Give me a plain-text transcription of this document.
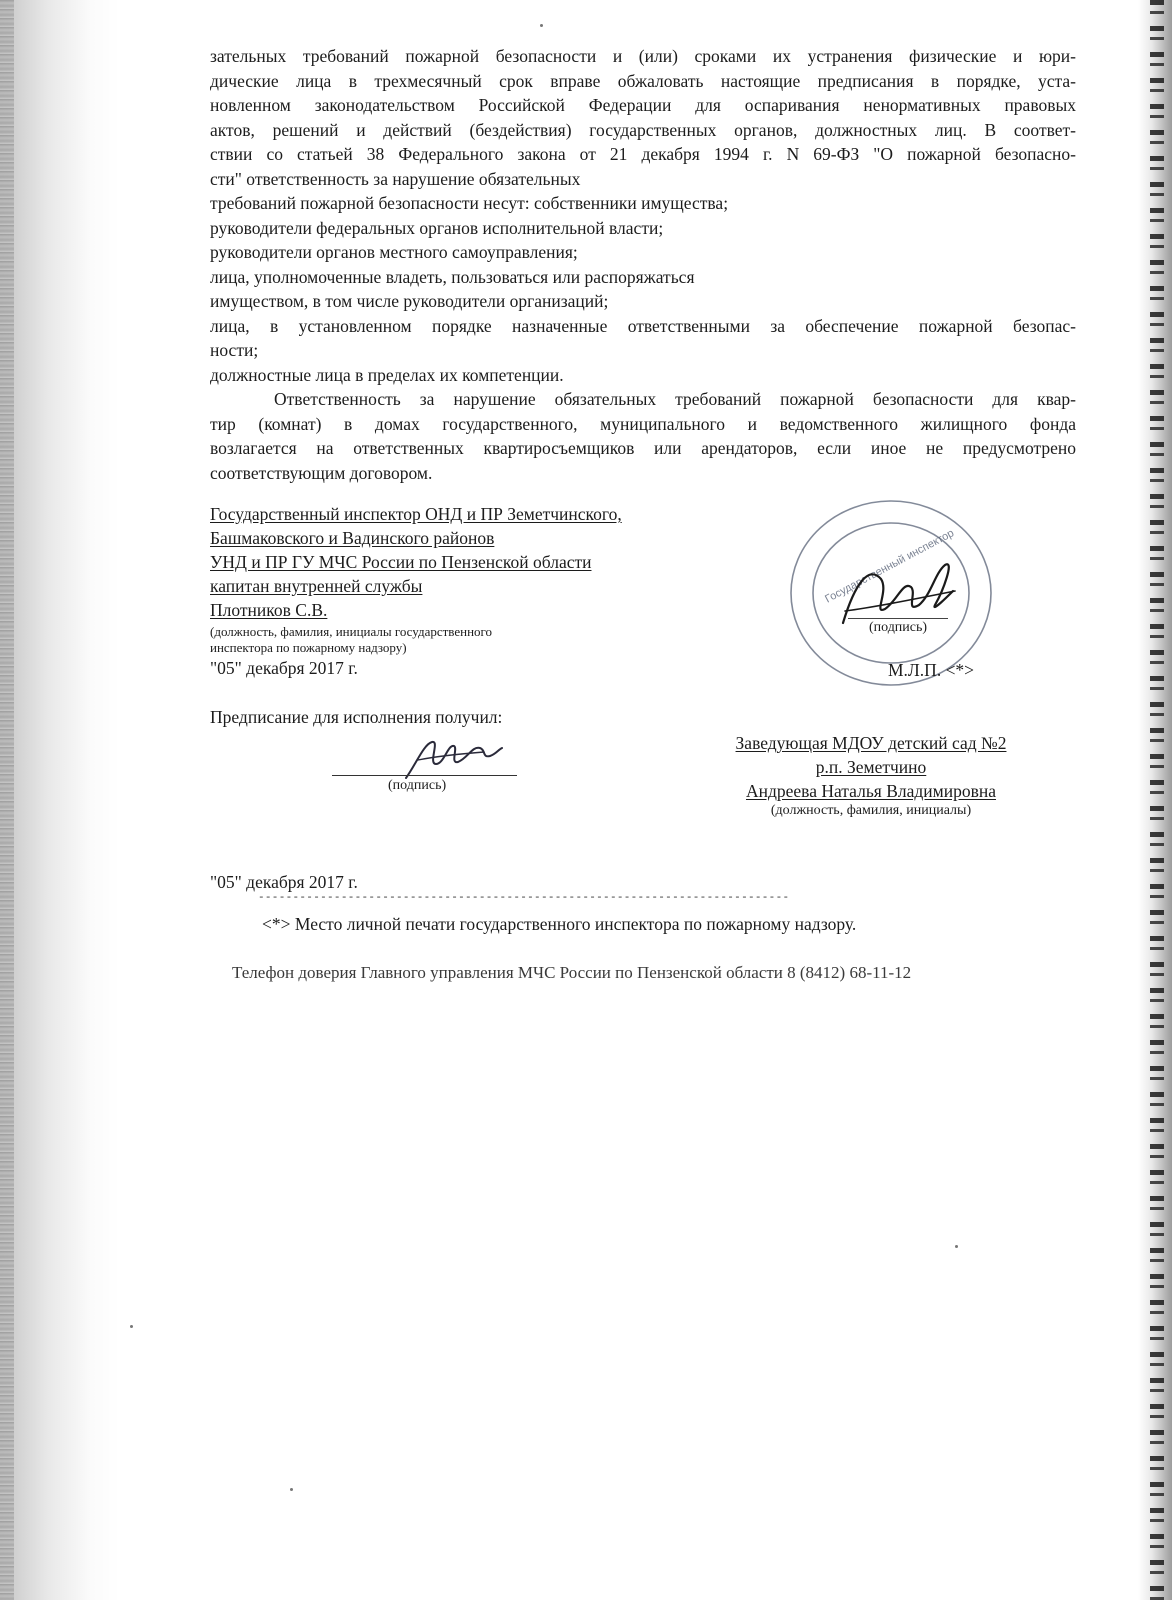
зательных требований пожарной безопасности и (или) сроками их устранения физические и юри-
дические лица в трехмесячный срок вправе обжаловать настоящие предписания в порядке, уста-
новленном законодательством Российской Федерации для оспаривания ненормативных правовых
актов, решений и действий (бездействия) государственных органов, должностных лиц. В соответ-
ствии со статьей 38 Федерального закона от 21 декабря 1994 г. N 69-ФЗ "О пожарной безопасно-
сти" ответственность за нарушение обязательных
требований пожарной безопасности несут: собственники имущества;
руководители федеральных органов исполнительной власти;
руководители органов местного самоуправления;
лица, уполномоченные владеть, пользоваться или распоряжаться
имуществом, в том числе руководители организаций;
лица, в установленном порядке назначенные ответственными за обеспечение пожарной безопас-
ности;
должностные лица в пределах их компетенции.
Ответственность за нарушение обязательных требований пожарной безопасности для квар-
тир (комнат) в домах государственного, муниципального и ведомственного жилищного фонда
возлагается на ответственных квартиросъемщиков или арендаторов, если иное не предусмотрено
соответствующим договором.
Государственный инспектор ОНД и ПР Земетчинского,
Башмаковского и Вадинского районов
УНД и ПР ГУ МЧС России по Пензенской области
капитан внутренней службы
Плотников С.В.
(должность, фамилия, инициалы государственного
инспектора по пожарному надзору)
"05" декабря 2017 г.
Государственный инспектор
(подпись)
М.Л.П. <*>
Предписание для исполнения получил:
(подпись)
Заведующая МДОУ детский сад №2
р.п. Земетчино
Андреева Наталья Владимировна
(должность, фамилия, инициалы)
"05" декабря 2017 г.
-----------------------------------------------------------------------------
<*> Место личной печати государственного инспектора по пожарному надзору.
Телефон доверия Главного управления МЧС России по Пензенской области 8 (8412) 68-11-12
